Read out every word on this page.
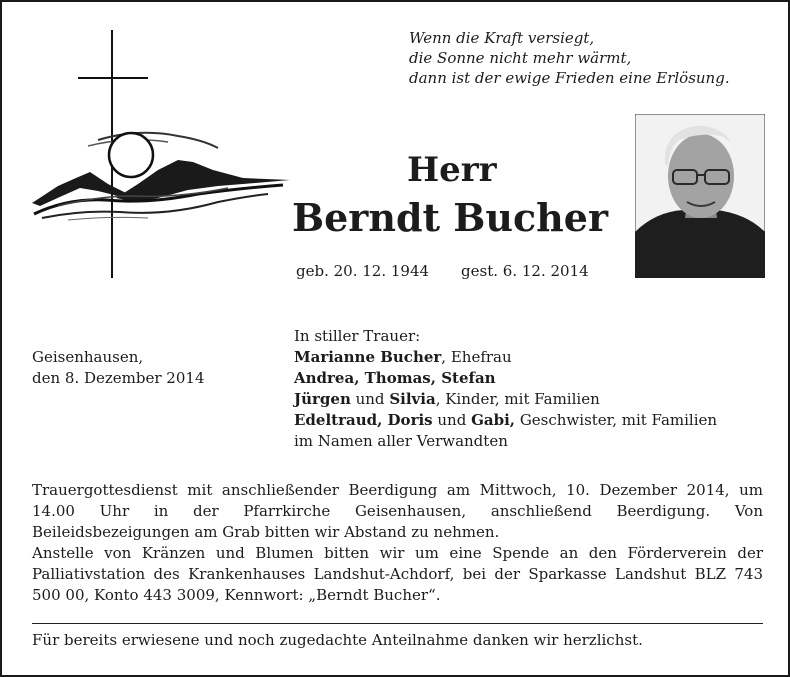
Wenn die Kraft versiegt,
die Sonne nicht mehr wärmt,
dann ist der ewige Frieden eine Erlösung.
Herr
Berndt Bucher
geb. 20. 12. 1944 gest. 6. 12. 2014
Geisenhausen,
den 8. Dezember 2014
In stiller Trauer:
Marianne Bucher, Ehefrau
Andrea, Thomas, Stefan
Jürgen und Silvia, Kinder, mit Familien
Edeltraud, Doris und Gabi, Geschwister, mit Familien
im Namen aller Verwandten

Trauergottesdienst mit anschließender Beerdigung am Mittwoch, 10. Dezember 2014, um 14.00 Uhr in der Pfarrkirche Geisenhausen, anschließend Beerdigung. Von Beileidsbezeigungen am Grab bitten wir Abstand zu nehmen.

Anstelle von Kränzen und Blumen bitten wir um eine Spende an den Förderverein der Palliativstation des Krankenhauses Landshut-Achdorf, bei der Sparkasse Landshut BLZ 743 500 00, Konto 443 3009, Kennwort: „Berndt Bucher“.

Für bereits erwiesene und noch zugedachte Anteilnahme danken wir herzlichst.
